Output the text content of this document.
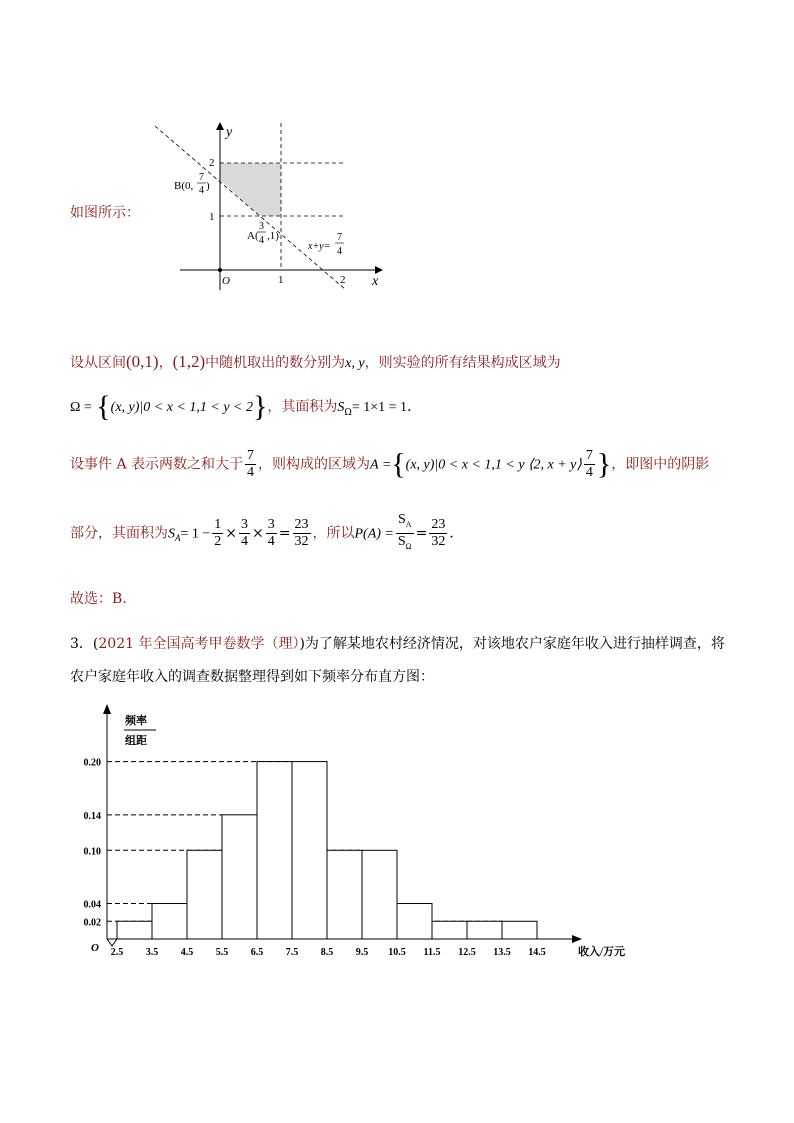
y
x
O	1	2
2
1
B(0,
7
4 )
A(
3
4 ,1)
x+y=
7
4
如图所示：
设从区间(0,1)，(1,2)中随机取出的数分别为x, y，则实验的所有结果构成区域为
Ω = {(x, y)|0 < x < 1,1 < y < 2}，其面积为$S_\Omega= 1\times 1 = 1$．
设事件 A 表示两数之和大于 $\frac{7}{4}$ ，则构成的区域为A ={(x, y)|0 < x < 1,1 < y ⟨2, x + y⟩ $\frac{7}{4}$ }，即图中的阴影
部分，其面积为$S_A= 1 - \frac{1}{2} \times \frac{3}{4} \times \frac{3}{4} = \frac{23}{32}$ ，所以$P(A) = \frac{S_A}{S_\Omega} = \frac{23}{32}$ ．
故选：B.
3．(2021 年全国高考甲卷数学（理）)为了解某地农村经济情况，对该地农户家庭年收入进行抽样调查，将
农户家庭年收入的调查数据整理得到如下频率分布直方图：
0.02
0.04
0.10
0.14
0.20
2.5 3.5 4.5 5.5 6.5 7.5 8.5 9.5 10.5 11.5 12.5 13.5 14.5
O	收入/万元
频率
组距
